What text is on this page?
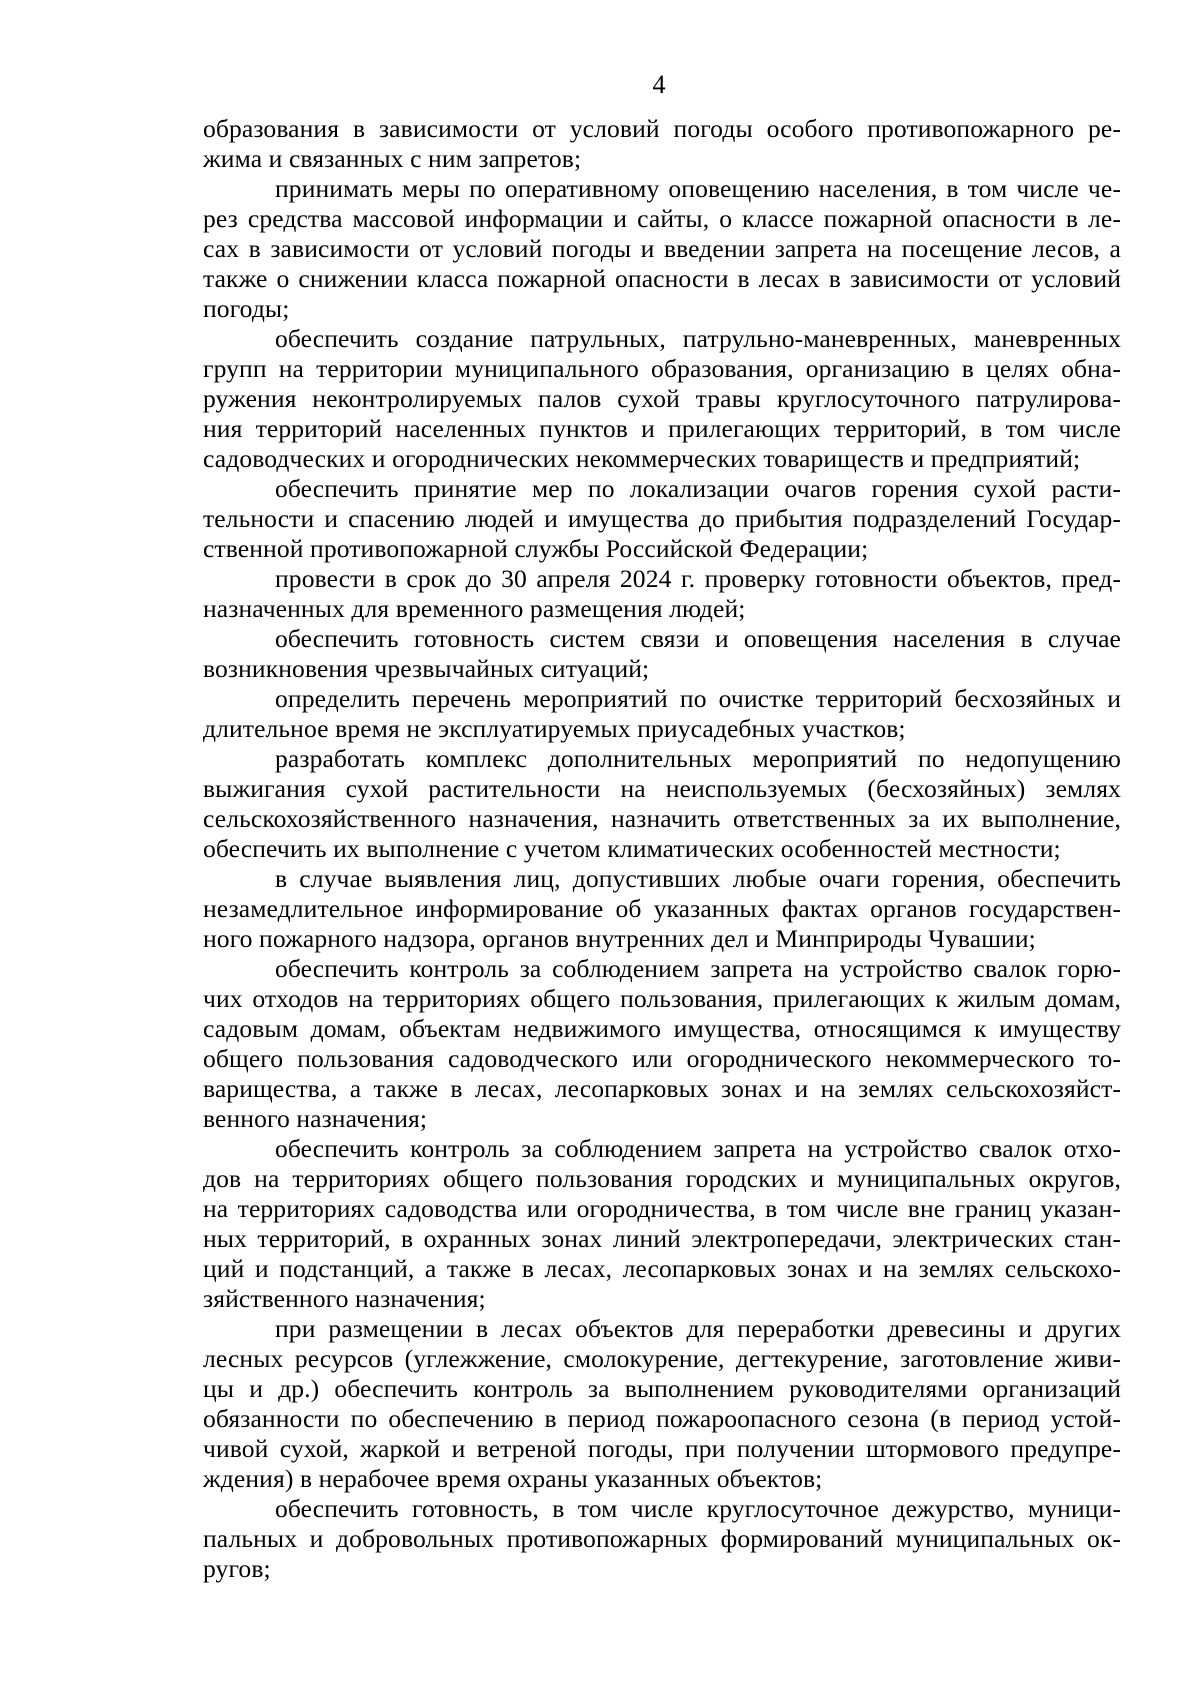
4
образования в зависимости от условий погоды особого противопожарного ре-
жима и связанных с ним запретов;
принимать меры по оперативному оповещению населения, в том числе че-
рез средства массовой информации и сайты, о классе пожарной опасности в ле-
сах в зависимости от условий погоды и введении запрета на посещение лесов, а
также о снижении класса пожарной опасности в лесах в зависимости от условий
погоды;
обеспечить создание патрульных, патрульно-маневренных, маневренных
групп на территории муниципального образования, организацию в целях обна-
ружения неконтролируемых палов сухой травы круглосуточного патрулирова-
ния территорий населенных пунктов и прилегающих территорий, в том числе
садоводческих и огороднических некоммерческих товариществ и предприятий;
обеспечить принятие мер по локализации очагов горения сухой расти-
тельности и спасению людей и имущества до прибытия подразделений Государ-
ственной противопожарной службы Российской Федерации;
провести в срок до 30 апреля 2024 г. проверку готовности объектов, пред-
назначенных для временного размещения людей;
обеспечить готовность систем связи и оповещения населения в случае
возникновения чрезвычайных ситуаций;
определить перечень мероприятий по очистке территорий бесхозяйных и
длительное время не эксплуатируемых приусадебных участков;
разработать комплекс дополнительных мероприятий по недопущению
выжигания сухой растительности на неиспользуемых (бесхозяйных) землях
сельскохозяйственного назначения, назначить ответственных за их выполнение,
обеспечить их выполнение с учетом климатических особенностей местности;
в случае выявления лиц, допустивших любые очаги горения, обеспечить
незамедлительное информирование об указанных фактах органов государствен-
ного пожарного надзора, органов внутренних дел и Минприроды Чувашии;
обеспечить контроль за соблюдением запрета на устройство свалок горю-
чих отходов на территориях общего пользования, прилегающих к жилым домам,
садовым домам, объектам недвижимого имущества, относящимся к имуществу
общего пользования садоводческого или огороднического некоммерческого то-
варищества, а также в лесах, лесопарковых зонах и на землях сельскохозяйст-
венного назначения;
обеспечить контроль за соблюдением запрета на устройство свалок отхо-
дов на территориях общего пользования городских и муниципальных округов,
на территориях садоводства или огородничества, в том числе вне границ указан-
ных территорий, в охранных зонах линий электропередачи, электрических стан-
ций и подстанций, а также в лесах, лесопарковых зонах и на землях сельскохо-
зяйственного назначения;
при размещении в лесах объектов для переработки древесины и других
лесных ресурсов (углежжение, смолокурение, дегтекурение, заготовление живи-
цы и др.) обеспечить контроль за выполнением руководителями организаций
обязанности по обеспечению в период пожароопасного сезона (в период устой-
чивой сухой, жаркой и ветреной погоды, при получении штормового предупре-
ждения) в нерабочее время охраны указанных объектов;
обеспечить готовность, в том числе круглосуточное дежурство, муници-
пальных и добровольных противопожарных формирований муниципальных ок-
ругов;
